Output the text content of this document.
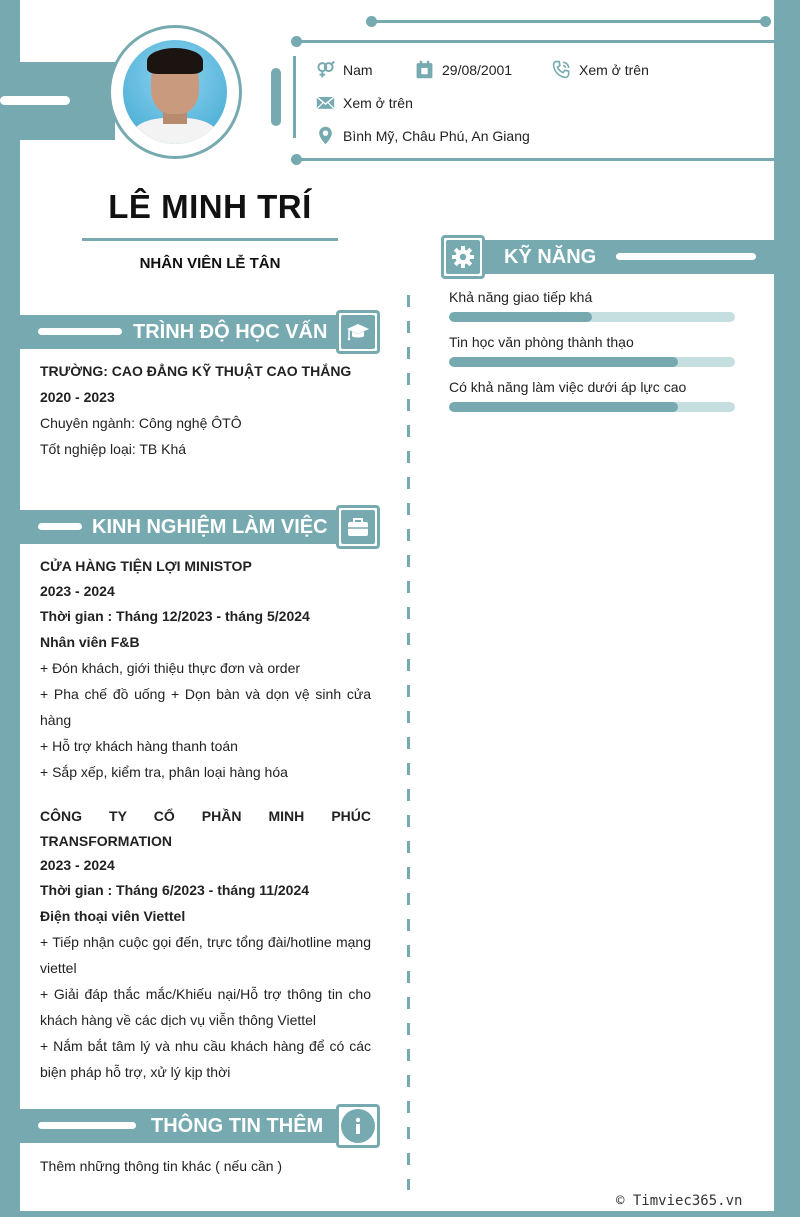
Nam	29/08/2001	Xem ở trên
Xem ở trên
Bình Mỹ, Châu Phú, An Giang
LÊ MINH TRÍ
NHÂN VIÊN LỄ TÂN
TRÌNH ĐỘ HỌC VẤN

TRƯỜNG: CAO ĐẲNG KỸ THUẬT CAO THẮNG

2020 - 2023

Chuyên ngành: Công nghệ ÔTÔ

Tốt nghiệp loại: TB Khá

KINH NGHIỆM LÀM VIỆC

CỬA HÀNG TIỆN LỢI MINISTOP

2023 - 2024

Thời gian : Tháng 12/2023 - tháng 5/2024

Nhân viên F&B

+ Đón khách, giới thiệu thực đơn và order

+ Pha chế đồ uống + Dọn bàn và dọn vệ sinh cửa hàng

+ Hỗ trợ khách hàng thanh toán

+ Sắp xếp, kiểm tra, phân loại hàng hóa

CÔNG TY CỔ PHẦN MINH PHÚC

TRANSFORMATION

2023 - 2024

Thời gian : Tháng 6/2023 - tháng 11/2024

Điện thoại viên Viettel

+ Tiếp nhận cuộc gọi đến, trực tổng đài/hotline mạng viettel

+ Giải đáp thắc mắc/Khiếu nại/Hỗ trợ thông tin cho khách hàng về các dịch vụ viễn thông Viettel

+ Nắm bắt tâm lý và nhu cầu khách hàng để có các biện pháp hỗ trợ, xử lý kịp thời

THÔNG TIN THÊM

Thêm những thông tin khác ( nếu cần )

KỸ NĂNG
Khả năng giao tiếp khá
Tin học văn phòng thành thạo
Có khả năng làm việc dưới áp lực cao
© Timviec365.vn
